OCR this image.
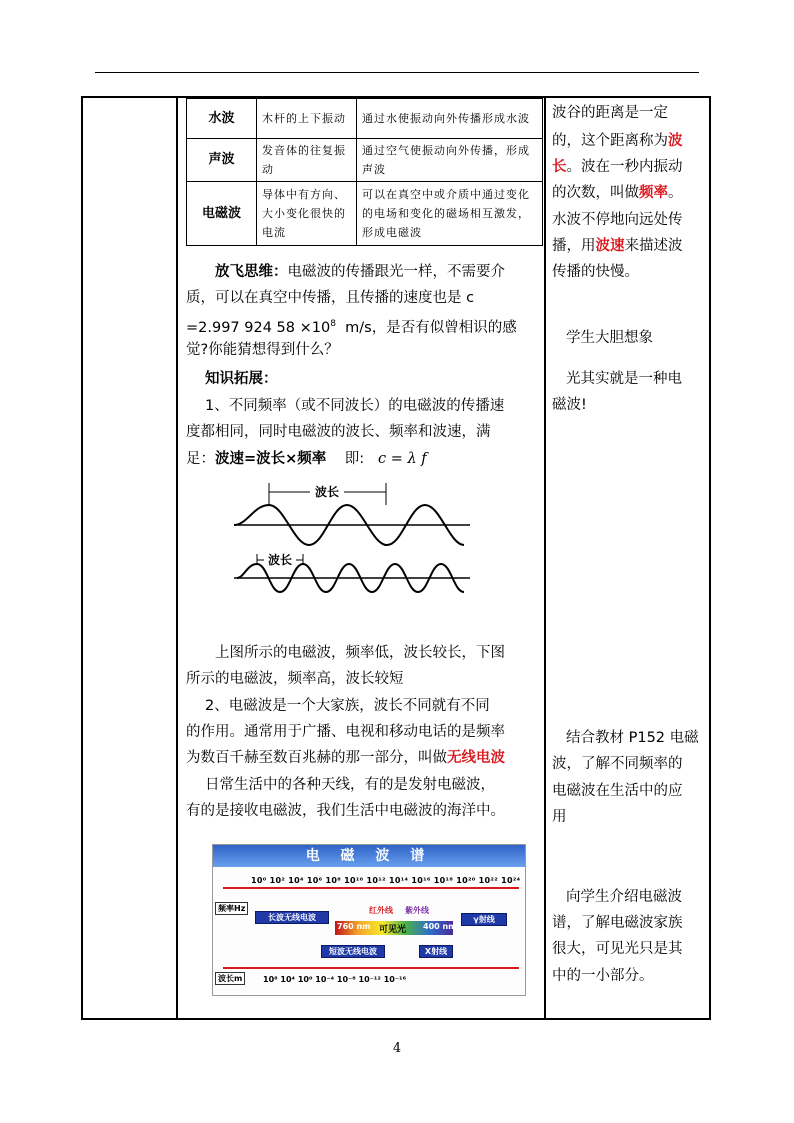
水波	木杆的上下振动	通过水使振动向外传播形成水波
声波	发音体的往复振动	通过空气使振动向外传播，形成声波
电磁波	导体中有方向、大小变化很快的电流	可以在真空中或介质中通过变化的电场和变化的磁场相互激发，形成电磁波
放飞思维：电磁波的传播跟光一样，不需要介
质，可以在真空中传播，且传播的速度也是 c
=2.997 924 $58 \times 10^8$ m/s，是否有似曾相识的感
觉?你能猜想得到什么？
知识拓展：
1、不同频率（或不同波长）的电磁波的传播速
度都相同，同时电磁波的波长、频率和波速，满
足：波速=波长×频率 即: c = λ f
波长
波长
上图所示的电磁波，频率低，波长较长，下图
所示的电磁波，频率高，波长较短
2、电磁波是一个大家族，波长不同就有不同
的作用。通常用于广播、电视和移动电话的是频率
为数百千赫至数百兆赫的那一部分，叫做无线电波
日常生活中的各种天线，有的是发射电磁波，
有的是接收电磁波，我们生活中电磁波的海洋中。
电 磁 波 谱
10⁰ 10² 10⁴ 10⁶ 10⁸ 10¹⁰ 10¹² 10¹⁴ 10¹⁶ 10¹⁸ 10²⁰ 10²² 10²⁴
频率Hz
长波无线电波
红外线 紫外线
760 nm 可见光 400 nm
γ射线
短波无线电波	X射线
波长m	10⁸ 10⁴ 10⁰ 10⁻⁴ 10⁻⁸ 10⁻¹² 10⁻¹⁶
波谷的距离是一定
的，这个距离称为波
长。波在一秒内振动
的次数，叫做频率。
水波不停地向远处传
播，用波速来描述波
传播的快慢。
学生大胆想象
光其实就是一种电
磁波!
结合教材 P152 电磁
波，了解不同频率的
电磁波在生活中的应
用
向学生介绍电磁波
谱，了解电磁波家族
很大，可见光只是其
中的一小部分。
4
